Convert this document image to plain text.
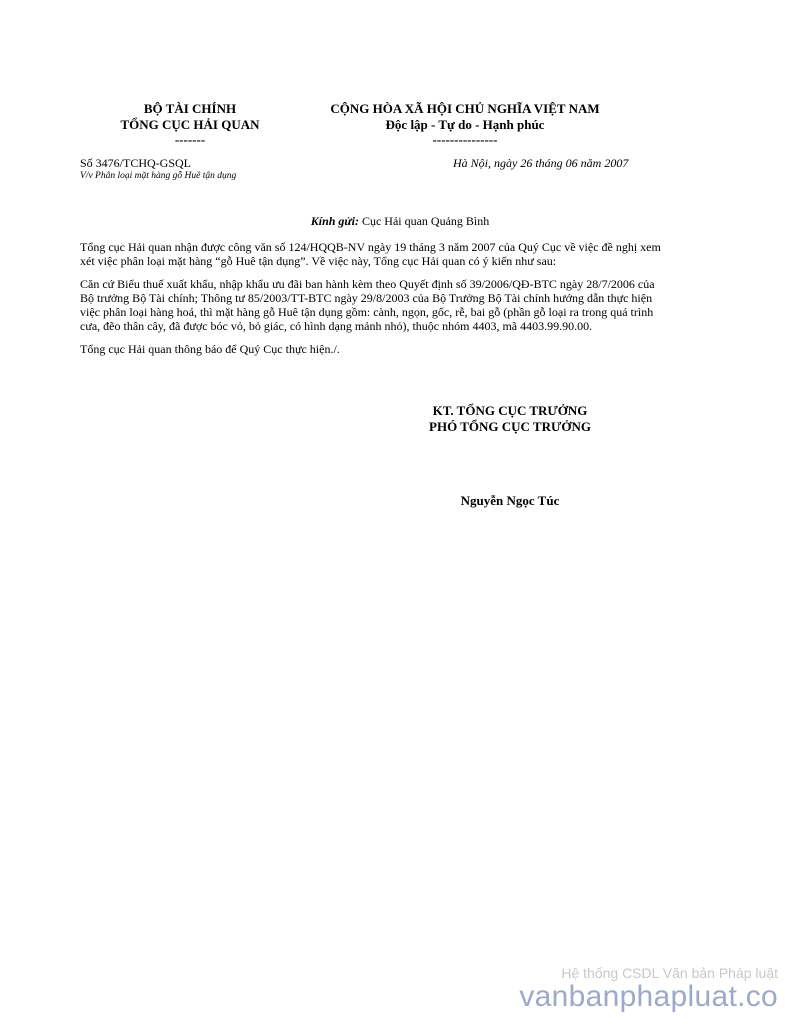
BỘ TÀI CHÍNH
TỔNG CỤC HẢI QUAN
-------
CỘNG HÒA XÃ HỘI CHỦ NGHĨA VIỆT NAM
Độc lập - Tự do - Hạnh phúc
---------------
Số 3476/TCHQ-GSQL
V/v Phân loại mặt hàng gỗ Huê tận dụng
Hà Nội, ngày 26 tháng 06 năm 2007
Kính gửi: Cục Hải quan Quảng Bình

Tổng cục Hải quan nhận được công văn số 124/HQQB-NV ngày 19 tháng 3 năm 2007 của Quý Cục về việc đề nghị xem xét việc phân loại mặt hàng “gỗ Huê tận dụng”. Về việc này, Tổng cục Hải quan có ý kiến như sau:

Căn cứ Biểu thuế xuất khẩu, nhập khẩu ưu đãi ban hành kèm theo Quyết định số 39/2006/QĐ-BTC ngày 28/7/2006 của Bộ trưởng Bộ Tài chính; Thông tư 85/2003/TT-BTC ngày 29/8/2003 của Bộ Trưởng Bộ Tài chính hướng dẫn thực hiện việc phân loại hàng hoá, thì mặt hàng gỗ Huê tận dụng gồm: cành, ngọn, gốc, rễ, bai gỗ (phần gỗ loại ra trong quá trình cưa, đẽo thân cây, đã được bóc vỏ, bỏ giác, có hình dạng mảnh nhỏ), thuộc nhóm 4403, mã 4403.99.90.00.

Tổng cục Hải quan thông báo để Quý Cục thực hiện./.

KT. TỔNG CỤC TRƯỞNG
PHÓ TỔNG CỤC TRƯỞNG
Nguyễn Ngọc Túc
Hệ thống CSDL Văn bản Pháp luật
vanbanphapluat.co
